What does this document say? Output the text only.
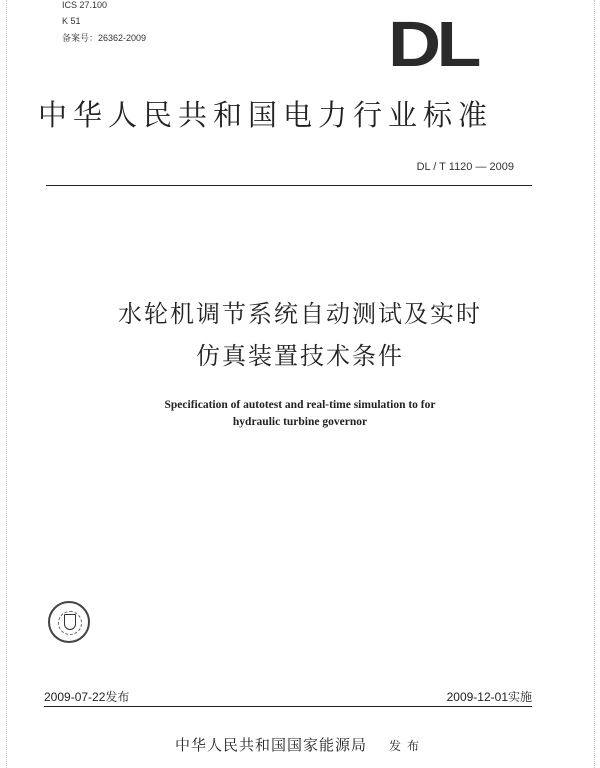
ICS 27.100
K 51
备案号：26362-2009	DL
中华人民共和国电力行业标准
DL / T 1120 — 2009
水轮机调节系统自动测试及实时
仿真装置技术条件
Specification of autotest and real-time simulation to for
hydraulic turbine governor
2009-07-22发布	2009-12-01实施
中华人民共和国国家能源局 发布
